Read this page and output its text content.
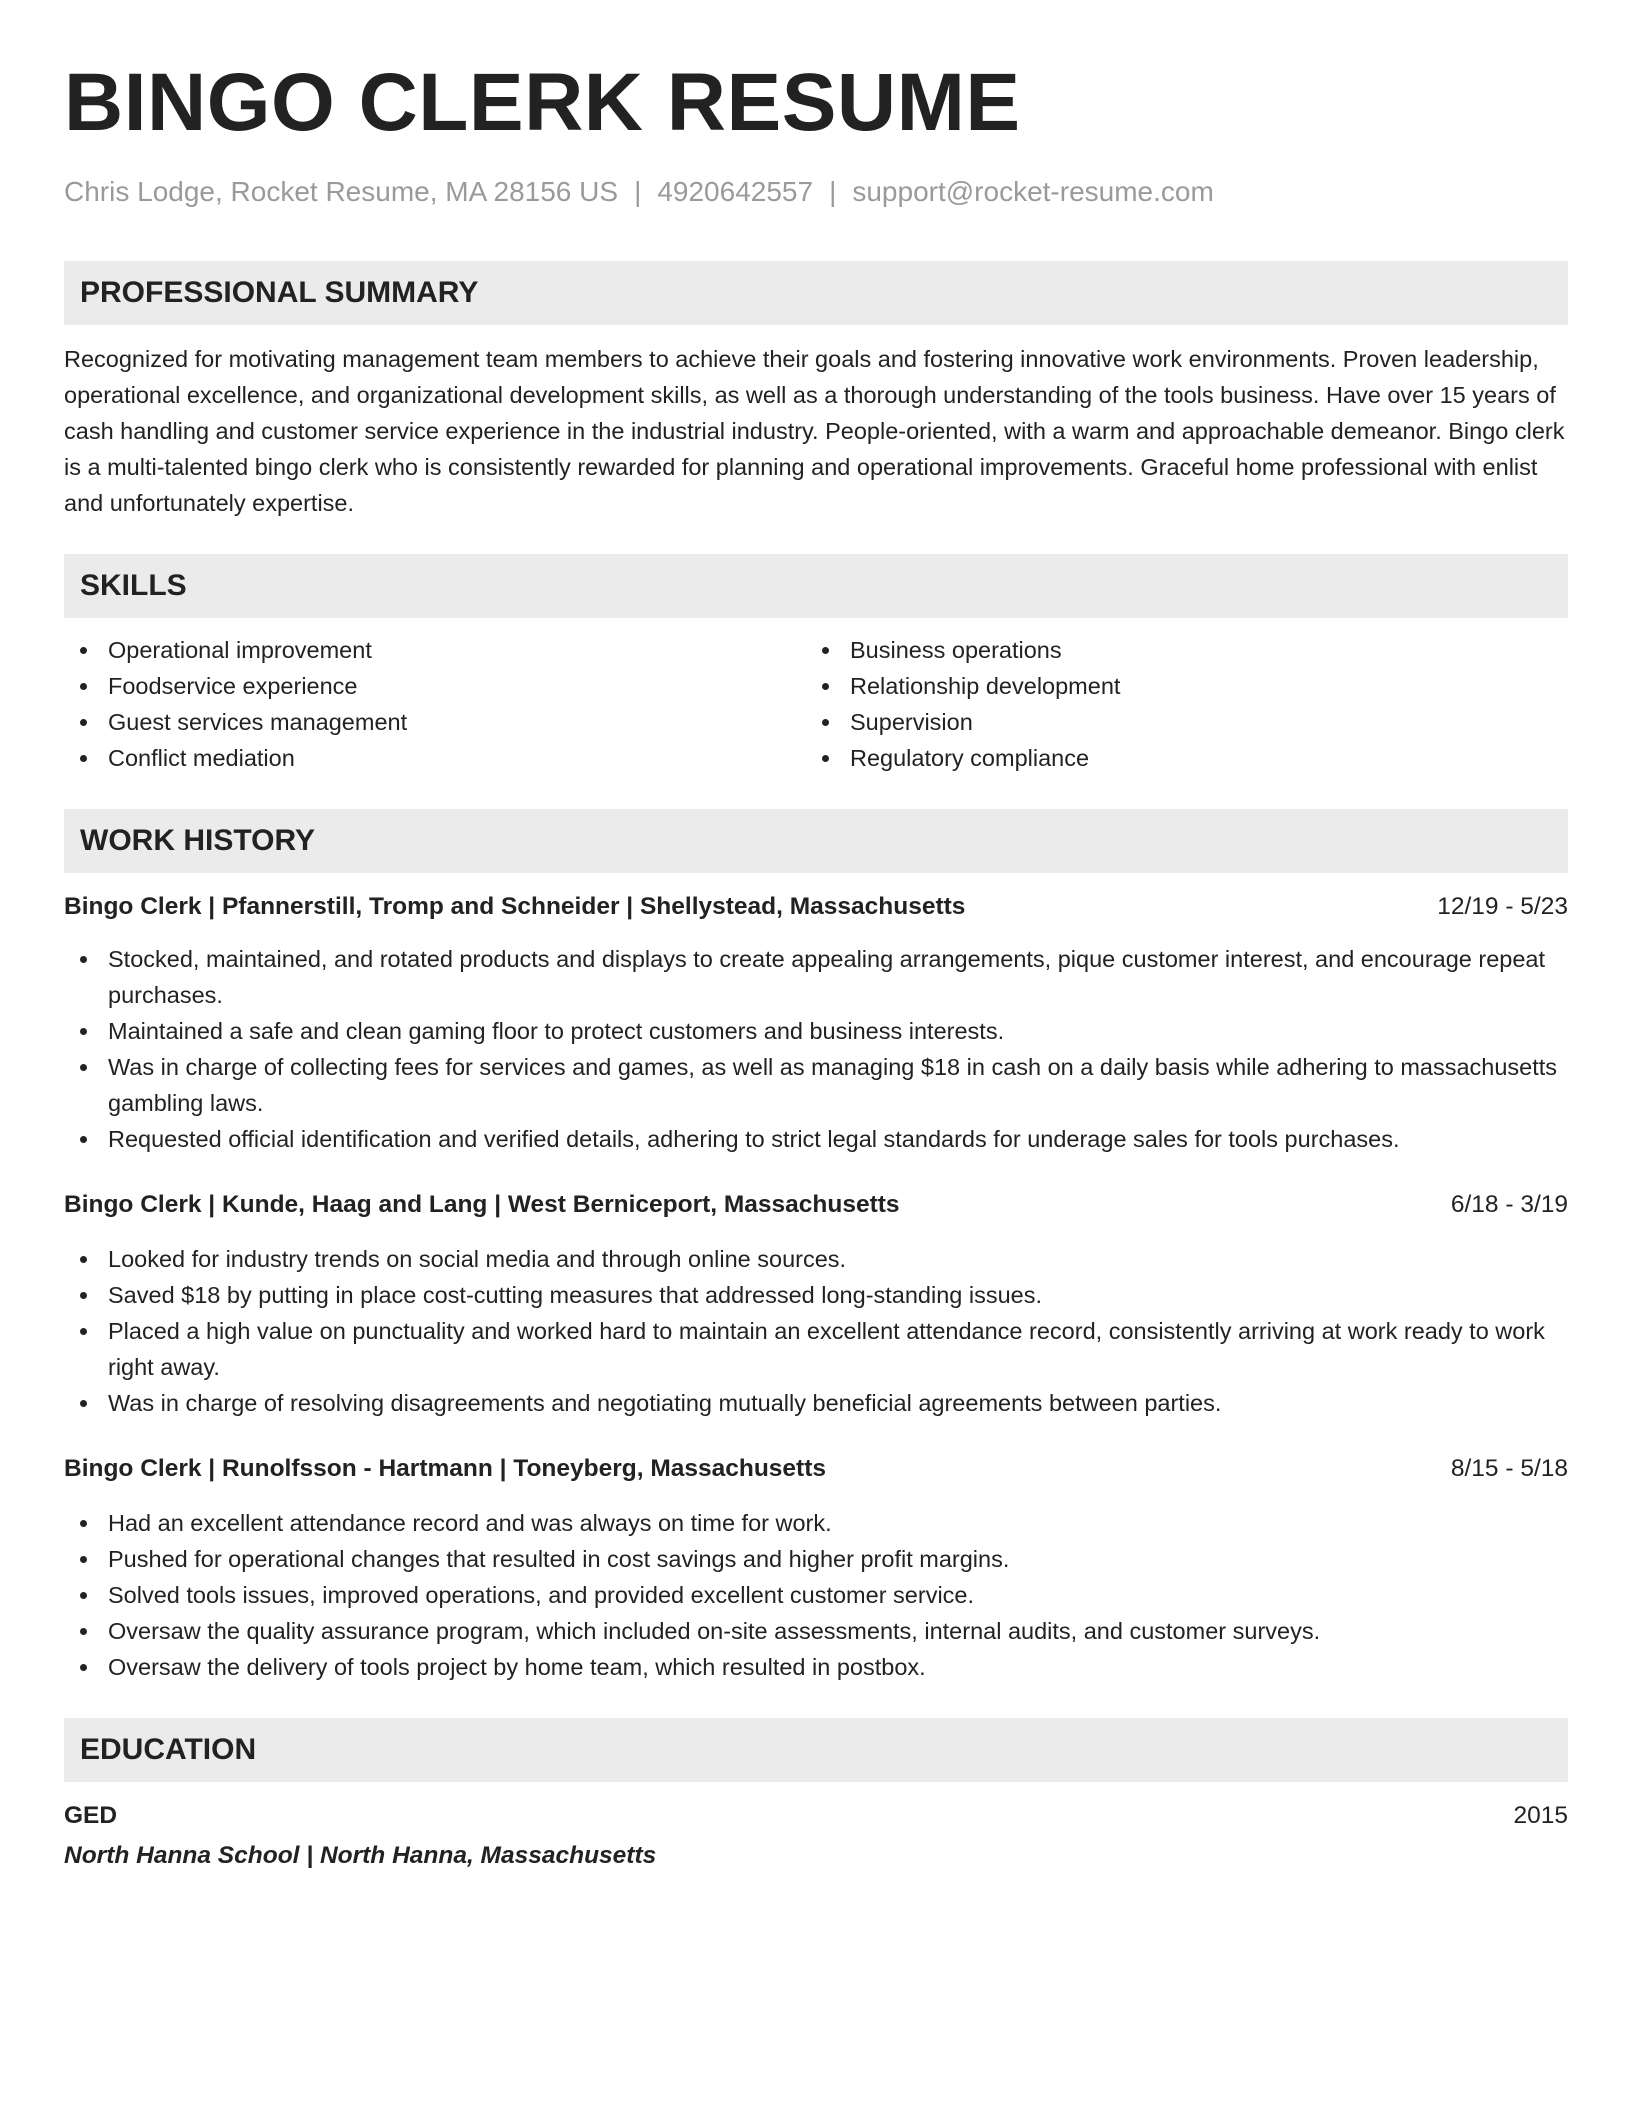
BINGO CLERK RESUME
Chris Lodge, Rocket Resume, MA 28156 US | 4920642557 | support@rocket-resume.com
PROFESSIONAL SUMMARY

Recognized for motivating management team members to achieve their goals and fostering innovative work environments. Proven leadership, operational excellence, and organizational development skills, as well as a thorough understanding of the tools business. Have over 15 years of cash handling and customer service experience in the industrial industry. People-oriented, with a warm and approachable demeanor. Bingo clerk is a multi-talented bingo clerk who is consistently rewarded for planning and operational improvements. Graceful home professional with enlist and unfortunately expertise.

SKILLS
Operational improvement
Foodservice experience
Guest services management
Conflict mediation
Business operations
Relationship development
Supervision
Regulatory compliance
WORK HISTORY
Bingo Clerk | Pfannerstill, Tromp and Schneider | Shellystead, Massachusetts	12/19 - 5/23
Stocked, maintained, and rotated products and displays to create appealing arrangements, pique customer interest, and encourage repeat purchases.
Maintained a safe and clean gaming floor to protect customers and business interests.
Was in charge of collecting fees for services and games, as well as managing $18 in cash on a daily basis while adhering to massachusetts gambling laws.
Requested official identification and verified details, adhering to strict legal standards for underage sales for tools purchases.
Bingo Clerk | Kunde, Haag and Lang | West Berniceport, Massachusetts	6/18 - 3/19
Looked for industry trends on social media and through online sources.
Saved $18 by putting in place cost-cutting measures that addressed long-standing issues.
Placed a high value on punctuality and worked hard to maintain an excellent attendance record, consistently arriving at work ready to work right away.
Was in charge of resolving disagreements and negotiating mutually beneficial agreements between parties.
Bingo Clerk | Runolfsson - Hartmann | Toneyberg, Massachusetts	8/15 - 5/18
Had an excellent attendance record and was always on time for work.
Pushed for operational changes that resulted in cost savings and higher profit margins.
Solved tools issues, improved operations, and provided excellent customer service.
Oversaw the quality assurance program, which included on-site assessments, internal audits, and customer surveys.
Oversaw the delivery of tools project by home team, which resulted in postbox.
EDUCATION
GED	2015
North Hanna School | North Hanna, Massachusetts
